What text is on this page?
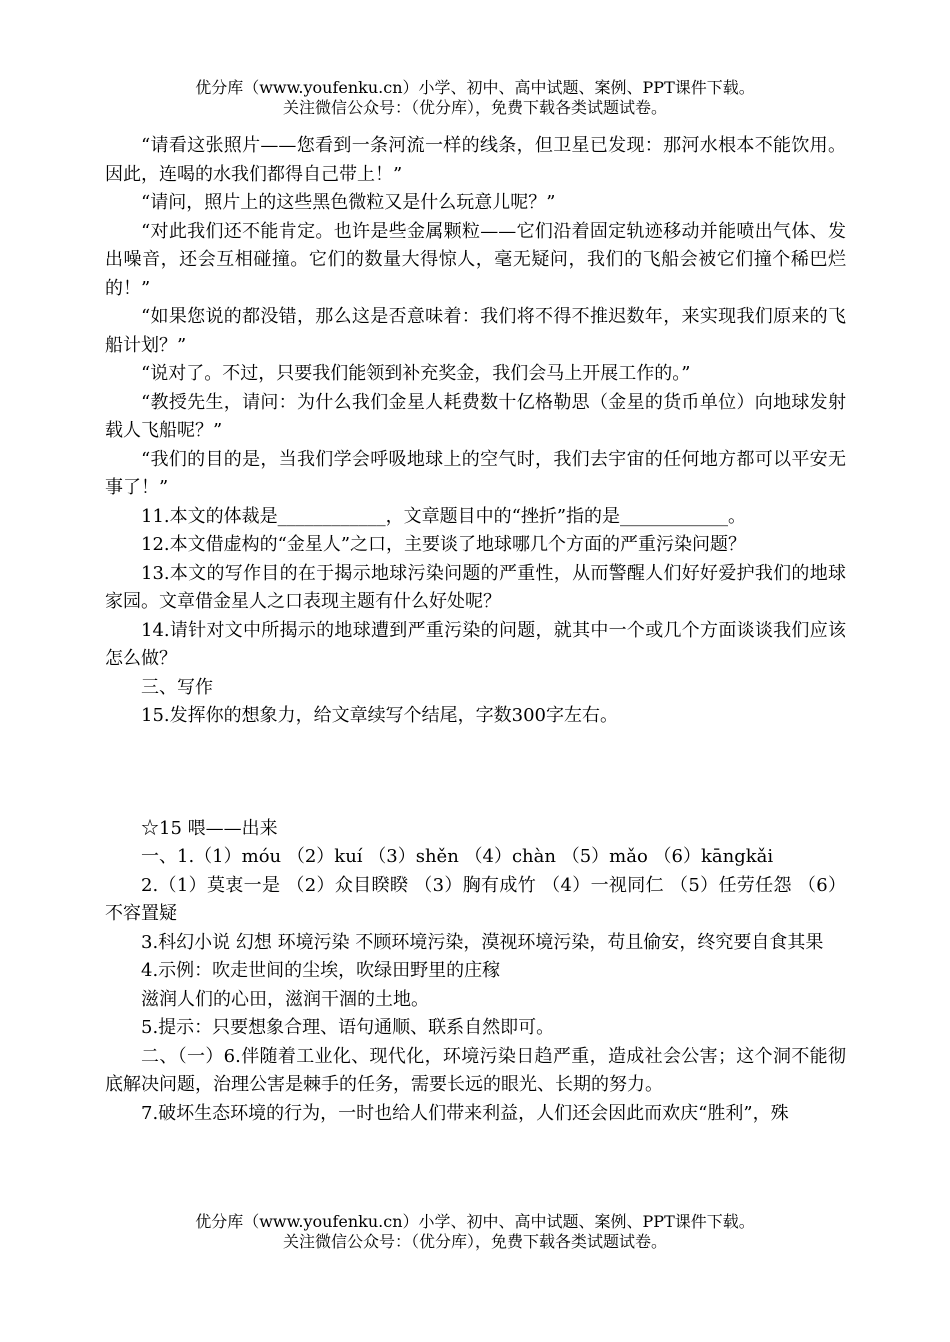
优分库（www.youfenku.cn）小学、初中、高中试题、案例、PPT课件下载。
关注微信公众号：（优分库），免费下载各类试题试卷。

“请看这张照片——您看到一条河流一样的线条，但卫星已发现：那河水根本不能饮用。因此，连喝的水我们都得自己带上！”

“请问，照片上的这些黑色微粒又是什么玩意儿呢？”

“对此我们还不能肯定。也许是些金属颗粒——它们沿着固定轨迹移动并能喷出气体、发出噪音，还会互相碰撞。它们的数量大得惊人，毫无疑问，我们的飞船会被它们撞个稀巴烂的！”

“如果您说的都没错，那么这是否意味着：我们将不得不推迟数年，来实现我们原来的飞船计划？”

“说对了。不过，只要我们能领到补充奖金，我们会马上开展工作的。”

“教授先生，请问：为什么我们金星人耗费数十亿格勒思（金星的货币单位）向地球发射载人飞船呢？”

“我们的目的是，当我们学会呼吸地球上的空气时，我们去宇宙的任何地方都可以平安无事了！”

11.本文的体裁是____________，文章题目中的“挫折”指的是____________。

12.本文借虚构的“金星人”之口，主要谈了地球哪几个方面的严重污染问题？

13.本文的写作目的在于揭示地球污染问题的严重性，从而警醒人们好好爱护我们的地球家园。文章借金星人之口表现主题有什么好处呢？

14.请针对文中所揭示的地球遭到严重污染的问题，就其中一个或几个方面谈谈我们应该怎么做？

三、写作

15.发挥你的想象力，给文章续写个结尾，字数300字左右。

☆15 喂——出来

一、1.（1）móu （2）kuí （3）shěn （4）chàn （5）mǎo （6）kāngkǎi

2.（1）莫衷一是 （2）众目睽睽 （3）胸有成竹 （4）一视同仁 （5）任劳任怨 （6）不容置疑

3.科幻小说 幻想 环境污染 不顾环境污染，漠视环境污染，苟且偷安，终究要自食其果

4.示例：吹走世间的尘埃，吹绿田野里的庄稼

滋润人们的心田，滋润干涸的土地。

5.提示：只要想象合理、语句通顺、联系自然即可。

二、（一）6.伴随着工业化、现代化，环境污染日趋严重，造成社会公害；这个洞不能彻底解决问题，治理公害是棘手的任务，需要长远的眼光、长期的努力。

7.破坏生态环境的行为，一时也给人们带来利益，人们还会因此而欢庆“胜利”，殊

优分库（www.youfenku.cn）小学、初中、高中试题、案例、PPT课件下载。
关注微信公众号：（优分库），免费下载各类试题试卷。
